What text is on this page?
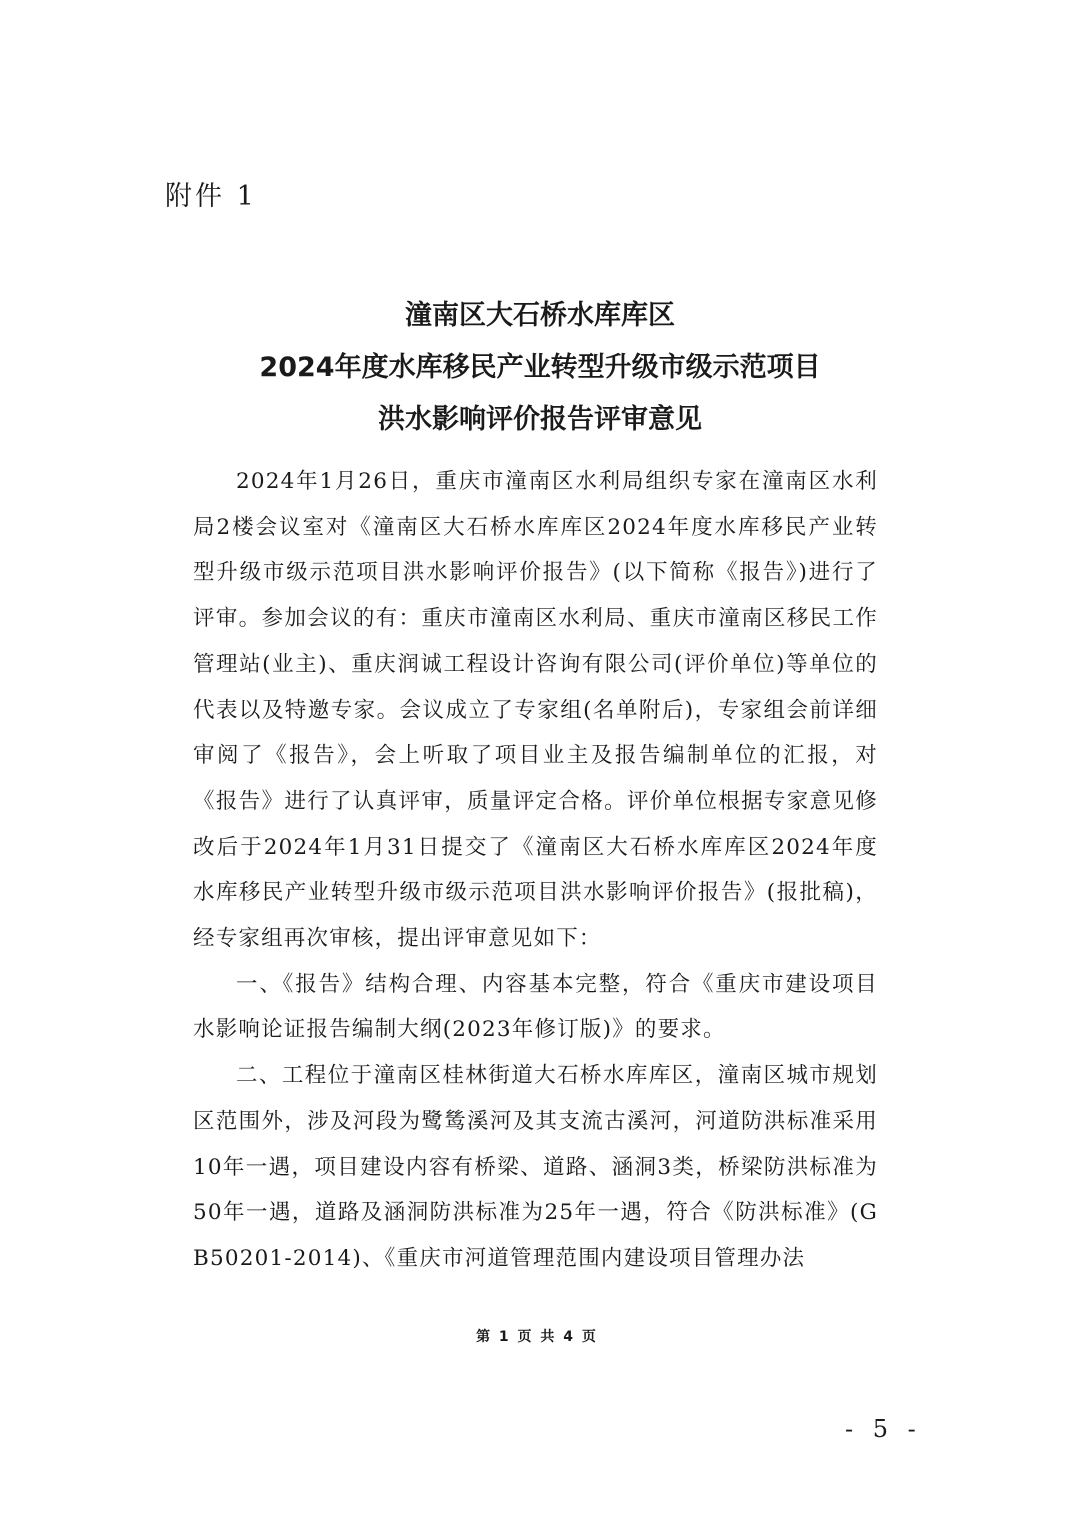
附件 1
潼南区大石桥水库库区
2024年度水库移民产业转型升级市级示范项目
洪水影响评价报告评审意见

2024年1月26日，重庆市潼南区水利局组织专家在潼南区水利局2楼会议室对《潼南区大石桥水库库区2024年度水库移民产业转型升级市级示范项目洪水影响评价报告》(以下简称《报告》)进行了评审。参加会议的有：重庆市潼南区水利局、重庆市潼南区移民工作管理站(业主)、重庆润诚工程设计咨询有限公司(评价单位)等单位的代表以及特邀专家。会议成立了专家组(名单附后)，专家组会前详细审阅了《报告》，会上听取了项目业主及报告编制单位的汇报，对《报告》进行了认真评审，质量评定合格。评价单位根据专家意见修改后于2024年1月31日提交了《潼南区大石桥水库库区2024年度水库移民产业转型升级市级示范项目洪水影响评价报告》(报批稿)，经专家组再次审核，提出评审意见如下：

一、《报告》结构合理、内容基本完整，符合《重庆市建设项目水影响论证报告编制大纲(2023年修订版)》的要求。

二、工程位于潼南区桂林街道大石桥水库库区，潼南区城市规划区范围外，涉及河段为鹭鸶溪河及其支流古溪河，河道防洪标准采用10年一遇，项目建设内容有桥梁、道路、涵洞3类，桥梁防洪标准为50年一遇，道路及涵洞防洪标准为25年一遇，符合《防洪标准》(GB50201-2014)、《重庆市河道管理范围内建设项目管理办法

第 1 页 共 4 页
- 5 -
